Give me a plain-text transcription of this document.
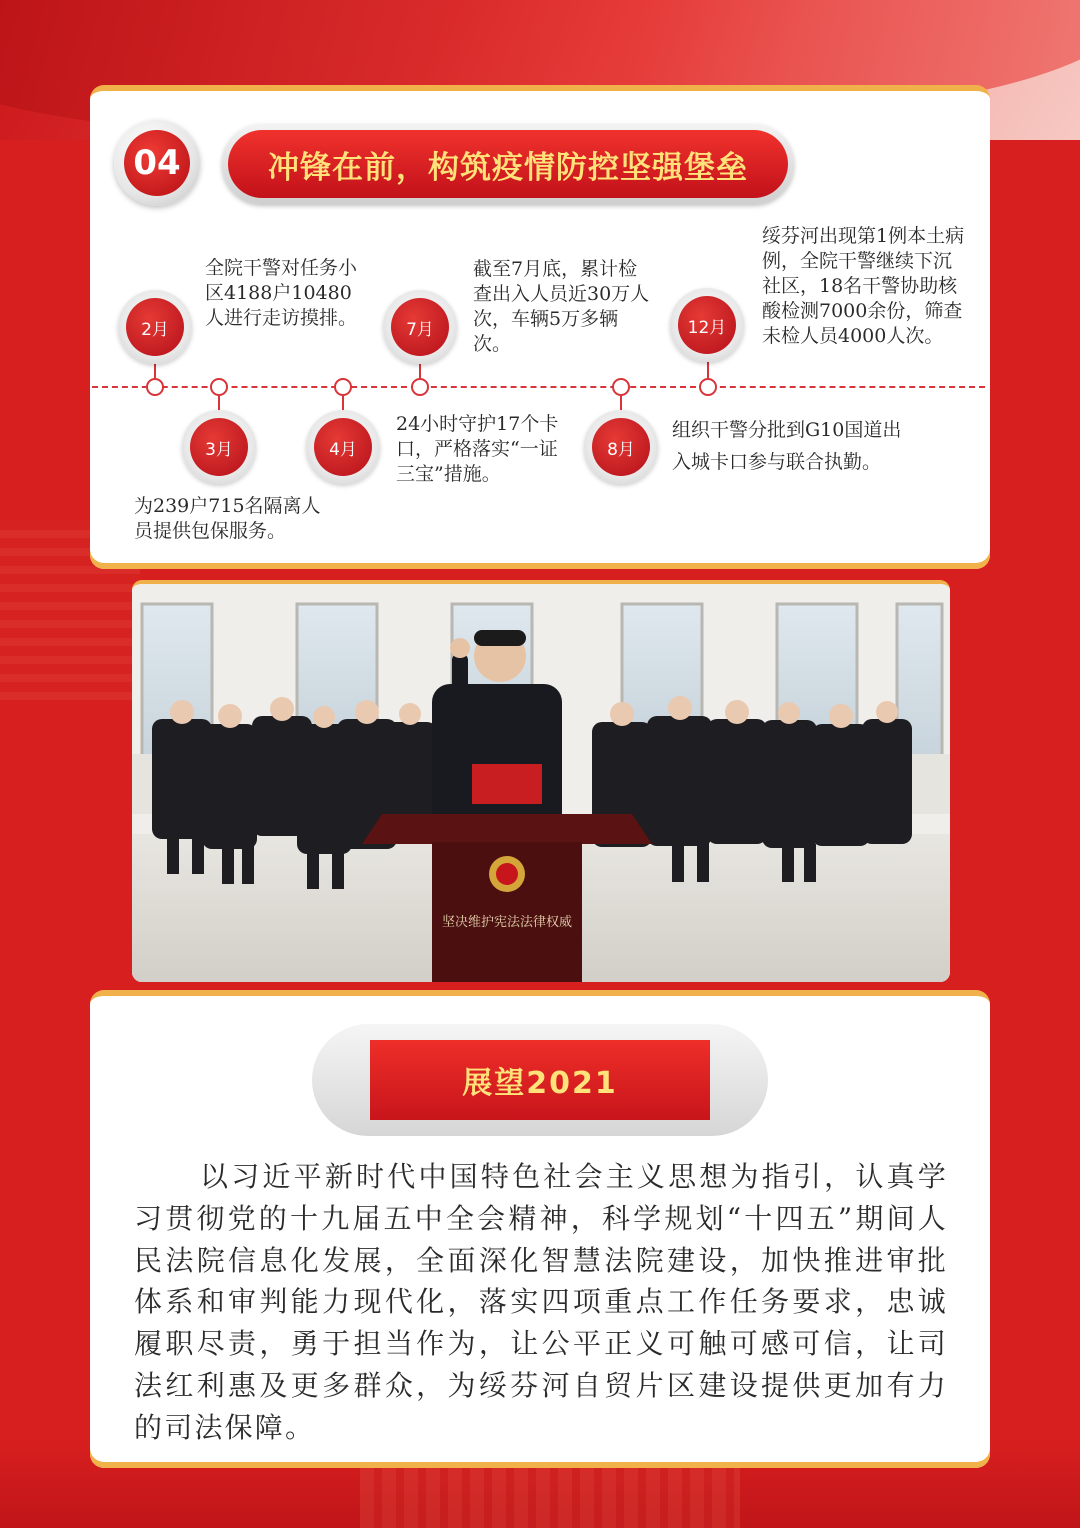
04	冲锋在前，构筑疫情防控坚强堡垒
2月
3月	4月
7月
8月
12月
全院干警对任务小区4188户10480人进行走访摸排。
为239户715名隔离人员提供包保服务。
24小时守护17个卡口，严格落实“一证三宝”措施。
截至7月底，累计检查出入人员近30万人次，车辆5万多辆次。
组织干警分批到G10国道出入城卡口参与联合执勤。
绥芬河出现第1例本土病例，全院干警继续下沉社区，18名干警协助核酸检测7000余份，筛查未检人员4000人次。
坚决维护宪法法律权威
展望2021
以习近平新时代中国特色社会主义思想为指引，认真学习贯彻党的十九届五中全会精神，科学规划“十四五”期间人民法院信息化发展，全面深化智慧法院建设，加快推进审批体系和审判能力现代化，落实四项重点工作任务要求，忠诚履职尽责，勇于担当作为，让公平正义可触可感可信，让司法红利惠及更多群众，为绥芬河自贸片区建设提供更加有力的司法保障。
